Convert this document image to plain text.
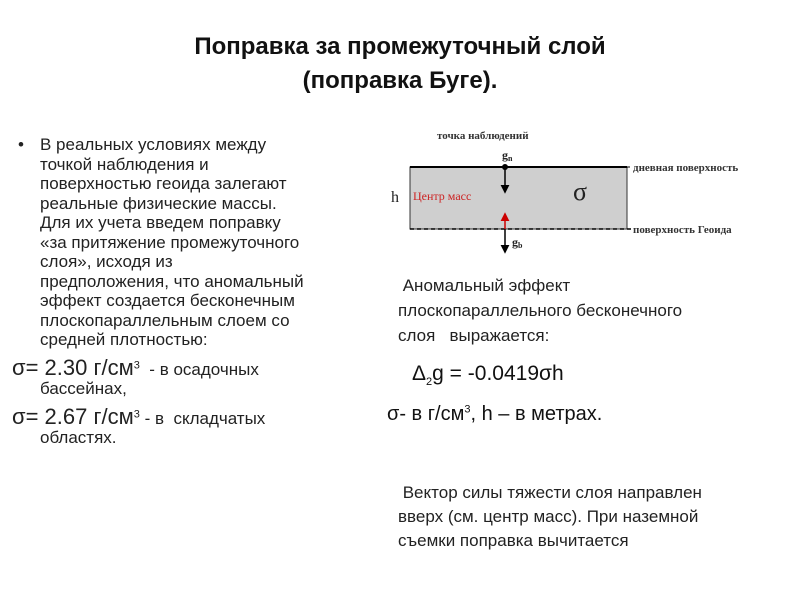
Поправка за промежуточный слой
(поправка Буге).
• В реальных условиях между
точкой наблюдения и
поверхностью геоида залегают
реальные физические массы.
Для их учета введем поправку
«за притяжение промежуточного
слоя», исходя из
предположения, что аномальный
эффект создается бесконечным
плоскопараллельным слоем со
средней плотностью:
σ= 2.30 $г/см^3$  - в осадочных
бассейнах,
σ= 2.67 $г/см^3$ - в  складчатых
областях.
точка наблюдений
gn
h Центр масс	σ
gb
дневная поверхность
поверхность Геоида
Аномальный эффект
плоскопараллельного бесконечного
слоя   выражается:
$\Delta_2g = -0.0419\sigma h$
σ- в $г/см^3$, h – в метрах.
Вектор силы тяжести слоя направлен
вверх (см. центр масс). При наземной
съемки поправка вычитается
